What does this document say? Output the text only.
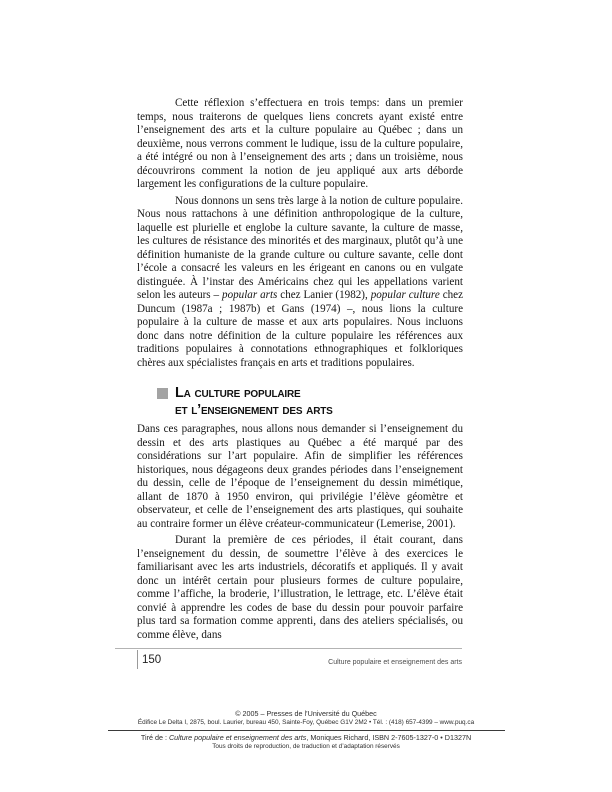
Cette réflexion s’effectuera en trois temps: dans un premier temps, nous traiterons de quelques liens concrets ayant existé entre l’enseignement des arts et la culture populaire au Québec ; dans un deuxième, nous verrons comment le ludique, issu de la culture populaire, a été intégré ou non à l’enseignement des arts ; dans un troisième, nous découvrirons comment la notion de jeu appliqué aux arts déborde largement les configurations de la culture populaire.

Nous donnons un sens très large à la notion de culture populaire. Nous nous rattachons à une définition anthropologique de la culture, laquelle est plurielle et englobe la culture savante, la culture de masse, les cultures de résistance des minorités et des marginaux, plutôt qu’à une définition humaniste de la grande culture ou culture savante, celle dont l’école a consacré les valeurs en les érigeant en canons ou en vulgate distinguée. À l’instar des Américains chez qui les appellations varient selon les auteurs – popular arts chez Lanier (1982), popular culture chez Duncum (1987a ; 1987b) et Gans (1974) –, nous lions la culture populaire à la culture de masse et aux arts populaires. Nous incluons donc dans notre définition de la culture populaire les références aux traditions populaires à connotations ethnographiques et folkloriques chères aux spécialistes français en arts et traditions populaires.

La culture populaire
et l’enseignement des arts

Dans ces paragraphes, nous allons nous demander si l’enseignement du dessin et des arts plastiques au Québec a été marqué par des considérations sur l’art populaire. Afin de simplifier les références historiques, nous dégageons deux grandes périodes dans l’enseignement du dessin, celle de l’époque de l’enseignement du dessin mimétique, allant de 1870 à 1950 environ, qui privilégie l’élève géomètre et observateur, et celle de l’enseignement des arts plastiques, qui souhaite au contraire former un élève créateur-communicateur (Lemerise, 2001).

Durant la première de ces périodes, il était courant, dans l’enseignement du dessin, de soumettre l’élève à des exercices le familiarisant avec les arts industriels, décoratifs et appliqués. Il y avait donc un intérêt certain pour plusieurs formes de culture populaire, comme l’affiche, la broderie, l’illustration, le lettrage, etc. L’élève était convié à apprendre les codes de base du dessin pour pouvoir parfaire plus tard sa formation comme apprenti, dans des ateliers spécialisés, ou comme élève, dans

150	Culture populaire et enseignement des arts
© 2005 – Presses de l’Université du Québec
Édifice Le Delta I, 2875, boul. Laurier, bureau 450, Sainte-Foy, Québec G1V 2M2 • Tél. : (418) 657-4399 – www.puq.ca
Tiré de : Culture populaire et enseignement des arts, Moniques Richard, ISBN 2-7605-1327-0 • D1327N
Tous droits de reproduction, de traduction et d’adaptation réservés
